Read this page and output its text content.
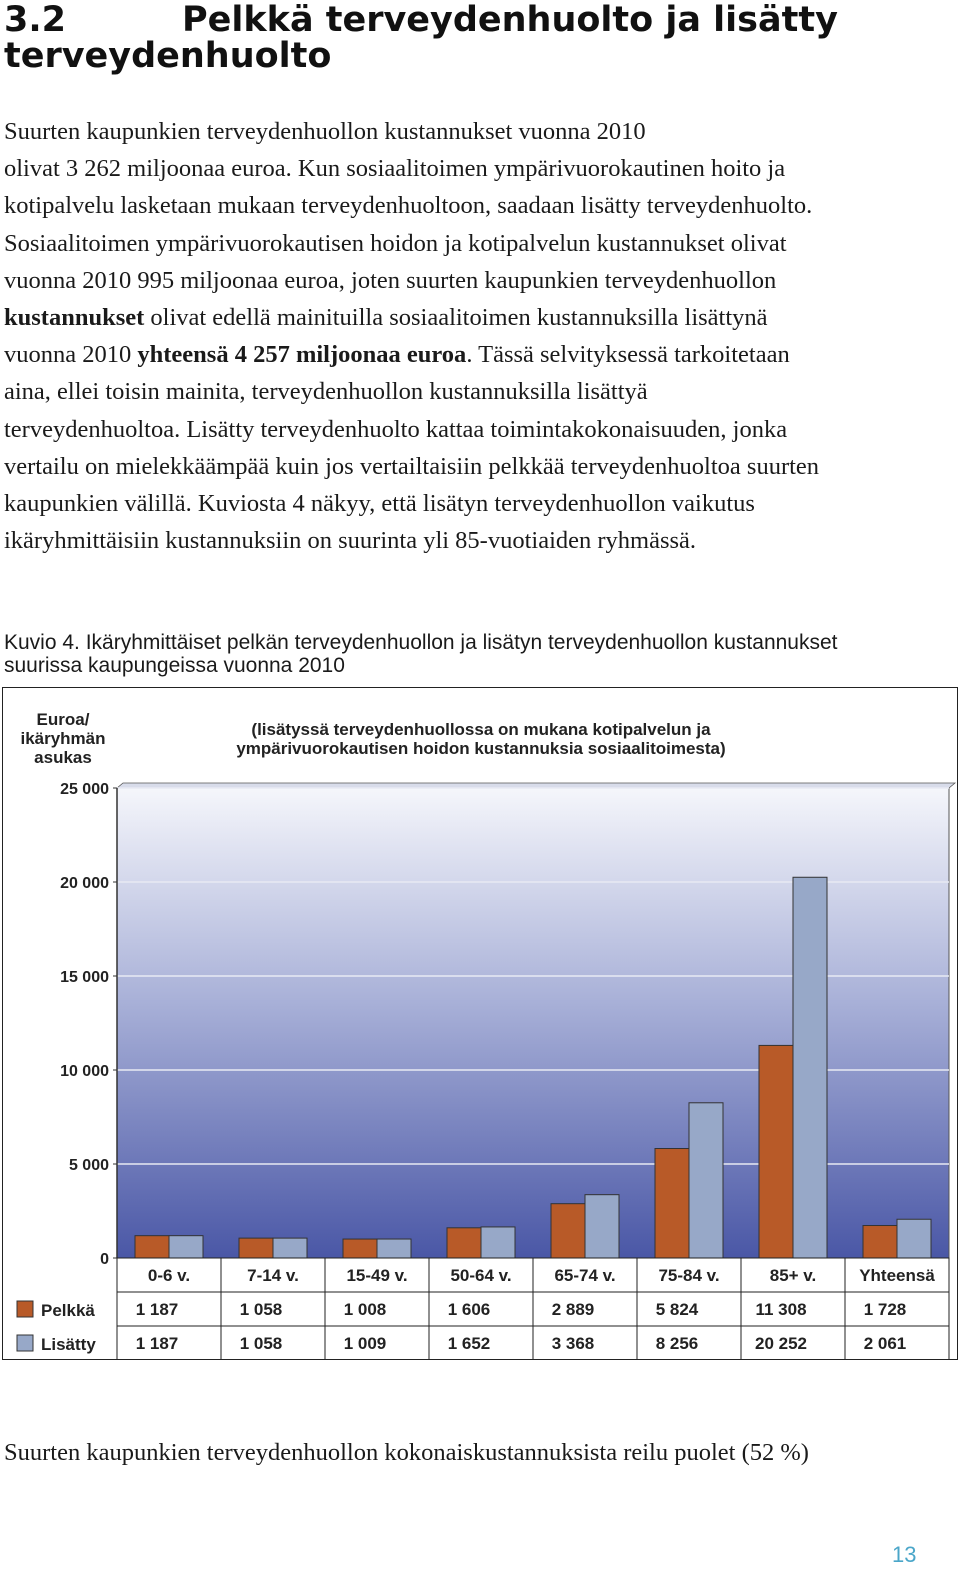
3.2	Pelkkä terveydenhuolto ja lisätty terveydenhuolto
Suurten kaupunkien terveydenhuollon kustannukset vuonna 2010
olivat 3 262 miljoonaa euroa. Kun sosiaalitoimen ympärivuorokautinen hoito ja
kotipalvelu lasketaan mukaan terveydenhuoltoon, saadaan lisätty terveydenhuolto.
Sosiaalitoimen ympärivuorokautisen hoidon ja kotipalvelun kustannukset olivat
vuonna 2010 995 miljoonaa euroa, joten suurten kaupunkien terveydenhuollon
kustannukset olivat edellä mainituilla sosiaalitoimen kustannuksilla lisättynä
vuonna 2010 yhteensä 4 257 miljoonaa euroa. Tässä selvityksessä tarkoitetaan
aina, ellei toisin mainita, terveydenhuollon kustannuksilla lisättyä
terveydenhuoltoa. Lisätty terveydenhuolto kattaa toimintakokonaisuuden, jonka
vertailu on mielekkäämpää kuin jos vertailtaisiin pelkkää terveydenhuoltoa suurten
kaupunkien välillä. Kuviosta 4 näkyy, että lisätyn terveydenhuollon vaikutus
ikäryhmittäisiin kustannuksiin on suurinta yli 85-vuotiaiden ryhmässä.
Kuvio 4. Ikäryhmittäiset pelkän terveydenhuollon ja lisätyn terveydenhuollon kustannukset
suurissa kaupungeissa vuonna 2010
Euroa/
ikäryhmän
asukas
(lisätyssä terveydenhuollossa on mukana kotipalvelun ja
ympärivuorokautisen hoidon kustannuksia sosiaalitoimesta)
0
5 000
10 000
15 000
20 000
25 000
0-6 v.	7-14 v.	15-49 v.	50-64 v.	65-74 v.	75-84 v.	85+ v.	Yhteensä
Pelkkä 1 187	1 058	1 008	1 606	2 889	5 824	11 308	1 728
Lisätty 1 187	1 058	1 009	1 652	3 368	8 256	20 252	2 061
Suurten kaupunkien terveydenhuollon kokonaiskustannuksista reilu puolet (52 %)
13
